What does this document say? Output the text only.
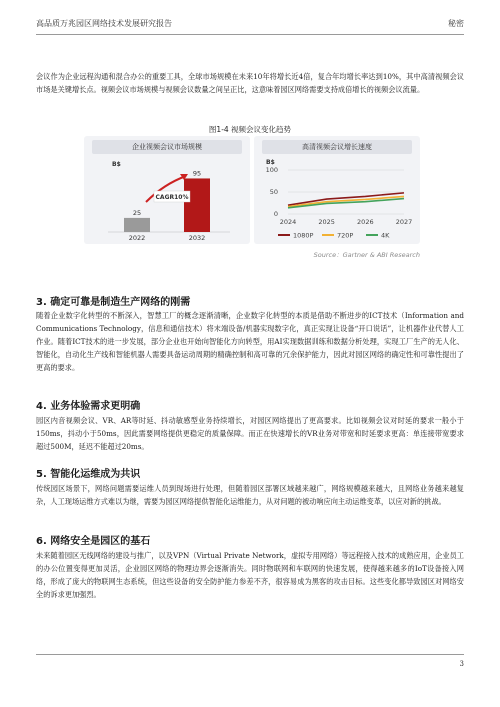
高品质万兆园区网络技术发展研究报告	秘密

会议作为企业远程沟通和混合办公的重要工具，全球市场规模在未来10年将增长近4倍，复合年均增长率达到10%，其中高清视频会议市场是关键增长点。视频会议市场规模与视频会议数量之间呈正比，这意味着园区网络需要支持成倍增长的视频会议流量。

图1-4 视频会议变化趋势
企业视频会议市场规模
B$
25
95
2022	2032
CAGR10%
高清视频会议增长速度
B$
0
50
100
2024	2025	2026	2027
1080P	720P	4K
Source：Gartner & ABI Research
3. 确定可靠是制造生产网络的刚需

随着企业数字化转型的不断深入，智慧工厂的概念逐渐清晰，企业数字化转型的本质是借助不断进步的ICT技术（Information and Communications Technology，信息和通信技术）将末端设备/机器实现数字化，真正实现让设备“开口说话”，让机器作业代替人工作业。随着ICT技术的进一步发展，部分企业也开始向智能化方向转型，用AI实现数据训练和数据分析处理，实现工厂生产的无人化、智能化，自动化生产线和智能机器人需要具备运动周期的精确控制和高可靠的冗余保护能力，因此对园区网络的确定性和可靠性提出了更高的要求。

4. 业务体验需求更明确

园区内音视频会议、VR、AR等时延、抖动敏感型业务持续增长，对园区网络提出了更高要求。比如视频会议对时延的要求一般小于150ms，抖动小于50ms，因此需要网络提供更稳定的质量保障。而正在快速增长的VR业务对带宽和时延要求更高：单连接带宽要求超过500M，延迟不能超过20ms。

5. 智能化运维成为共识

传统园区场景下，网络问题需要运维人员到现场进行处理，但随着园区部署区域越来越广，网络规模越来越大，且网络业务越来越复杂，人工现场运维方式难以为继，需要为园区网络提供智能化运维能力，从对问题的被动响应向主动运维变革，以应对新的挑战。

6. 网络安全是园区的基石

未来随着园区无线网络的建设与推广，以及VPN（Virtual Private Network，虚拟专用网络）等远程接入技术的成熟应用，企业员工的办公位置变得更加灵活，企业园区网络的物理边界会逐渐消失。同时物联网和车联网的快速发展，使得越来越多的IoT设备接入网络，形成了庞大的物联网生态系统，但这些设备的安全防护能力参差不齐，很容易成为黑客的攻击目标。这些变化都导致园区对网络安全的诉求更加强烈。

3
